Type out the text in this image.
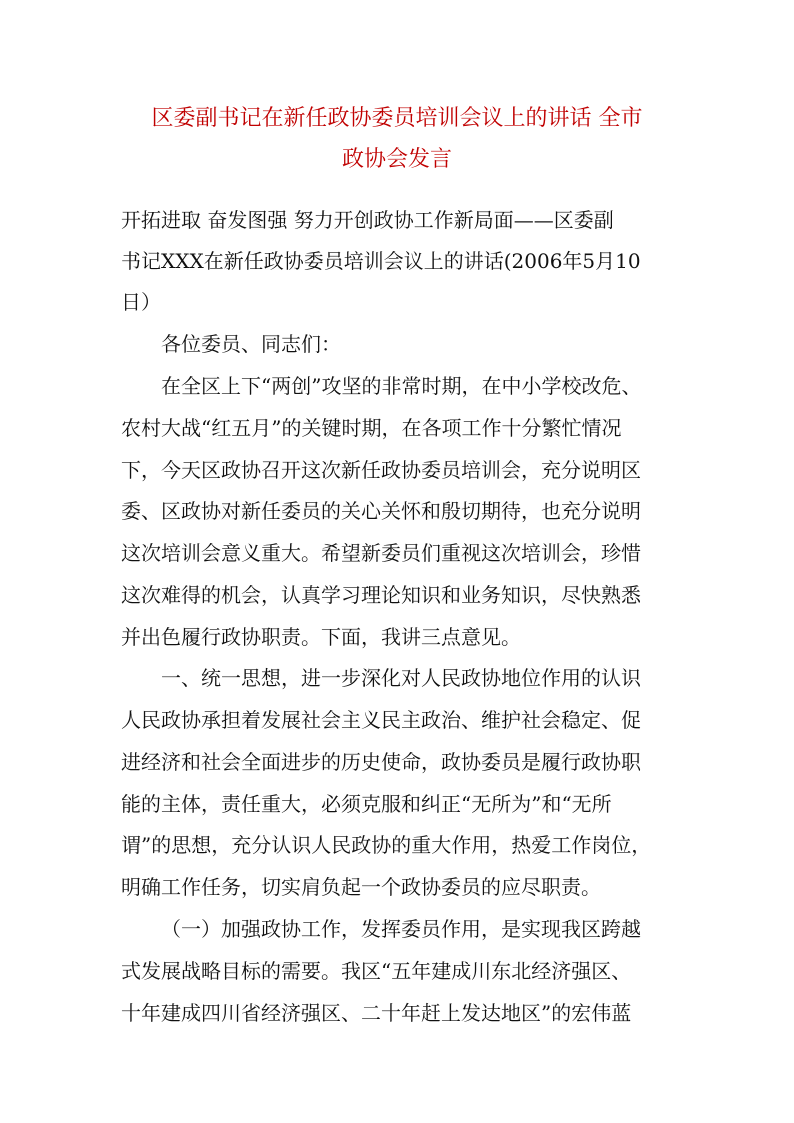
区委副书记在新任政协委员培训会议上的讲话 全市
政协会发言
开拓进取 奋发图强 努力开创政协工作新局面——区委副
书记XXX在新任政协委员培训会议上的讲话(2006年5月10
日）
各位委员、同志们：
在全区上下“两创”攻坚的非常时期，在中小学校改危、
农村大战“红五月”的关键时期，在各项工作十分繁忙情况
下，今天区政协召开这次新任政协委员培训会，充分说明区
委、区政协对新任委员的关心关怀和殷切期待，也充分说明
这次培训会意义重大。希望新委员们重视这次培训会，珍惜
这次难得的机会，认真学习理论知识和业务知识，尽快熟悉
并出色履行政协职责。下面，我讲三点意见。
一、统一思想，进一步深化对人民政协地位作用的认识
人民政协承担着发展社会主义民主政治、维护社会稳定、促
进经济和社会全面进步的历史使命，政协委员是履行政协职
能的主体，责任重大，必须克服和纠正“无所为”和“无所
谓”的思想，充分认识人民政协的重大作用，热爱工作岗位，
明确工作任务，切实肩负起一个政协委员的应尽职责。
（一）加强政协工作，发挥委员作用，是实现我区跨越
式发展战略目标的需要。我区“五年建成川东北经济强区、
十年建成四川省经济强区、二十年赶上发达地区”的宏伟蓝
